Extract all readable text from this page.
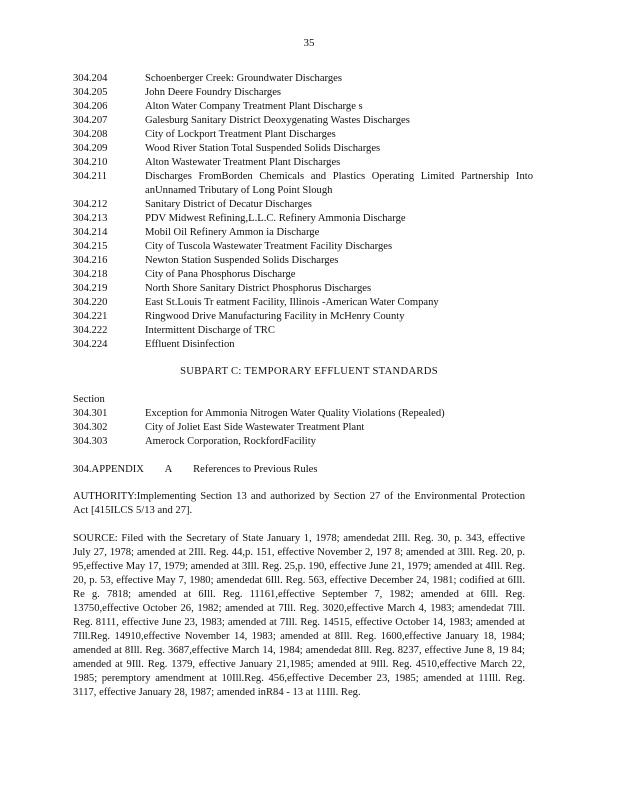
35
304.204	Schoenberger Creek: Groundwater Discharges
304.205	John Deere Foundry Discharges
304.206	Alton Water Company Treatment Plant Discharge s
304.207	Galesburg Sanitary District Deoxygenating Wastes Discharges
304.208	City of Lockport Treatment Plant Discharges
304.209	Wood River Station Total Suspended Solids Discharges
304.210	Alton Wastewater Treatment Plant Discharges
304.211	Discharges FromBorden Chemicals and Plastics Operating Limited Partnership Into anUnnamed Tributary of Long Point Slough
304.212	Sanitary District of Decatur Discharges
304.213	PDV Midwest Refining,L.L.C. Refinery Ammonia Discharge
304.214	Mobil Oil Refinery Ammon ia Discharge
304.215	City of Tuscola Wastewater Treatment Facility Discharges
304.216	Newton Station Suspended Solids Discharges
304.218	City of Pana Phosphorus Discharge
304.219	North Shore Sanitary District Phosphorus Discharges
304.220	East St.Louis Tr eatment Facility, Illinois -American Water Company
304.221	Ringwood Drive Manufacturing Facility in McHenry County
304.222	Intermittent Discharge of TRC
304.224	Effluent Disinfection
SUBPART C: TEMPORARY EFFLUENT STANDARDS
Section
304.301	Exception for Ammonia Nitrogen Water Quality Violations (Repealed)
304.302	City of Joliet East Side Wastewater Treatment Plant
304.303	Amerock Corporation, RockfordFacility
304.APPENDIX A References to Previous Rules
AUTHORITY:Implementing Section 13 and authorized by Section 27 of the Environmental Protection Act [415ILCS 5/13 and 27].
SOURCE: Filed with the Secretary of State January 1, 1978; amendedat 2Ill. Reg. 30, p. 343, effective July 27, 1978; amended at 2Ill. Reg. 44,p. 151, effective November 2, 197 8; amended at 3Ill. Reg. 20, p. 95,effective May 17, 1979; amended at 3Ill. Reg. 25,p. 190, effective June 21, 1979; amended at 4Ill. Reg. 20, p. 53, effective May 7, 1980; amendedat 6Ill. Reg. 563, effective December 24, 1981; codified at 6Ill. Re g. 7818; amended at 6Ill. Reg. 11161,effective September 7, 1982; amended at 6Ill. Reg. 13750,effective October 26, 1982; amended at 7Ill. Reg. 3020,effective March 4, 1983; amendedat 7Ill. Reg. 8111, effective June 23, 1983; amended at 7Ill. Reg. 14515, effective October 14, 1983; amended at 7Ill.Reg. 14910,effective November 14, 1983; amended at 8Ill. Reg. 1600,effective January 18, 1984; amended at 8Ill. Reg. 3687,effective March 14, 1984; amendedat 8Ill. Reg. 8237, effective June 8, 19 84; amended at 9Ill. Reg. 1379, effective January 21,1985; amended at 9Ill. Reg. 4510,effective March 22, 1985; peremptory amendment at 10Ill.Reg. 456,effective December 23, 1985; amended at 11Ill. Reg. 3117, effective January 28, 1987; amended inR84 - 13 at 11Ill. Reg.
